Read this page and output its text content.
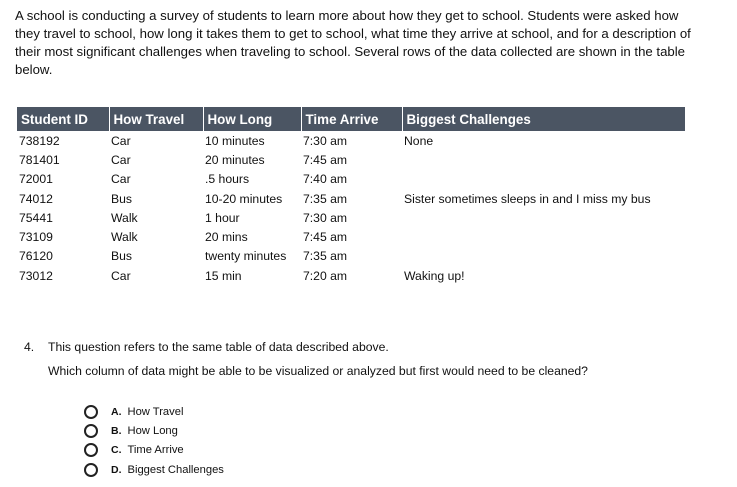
A school is conducting a survey of students to learn more about how they get to school. Students were asked how they travel to school, how long it takes them to get to school, what time they arrive at school, and for a description of their most significant challenges when traveling to school. Several rows of the data collected are shown in the table below.
Student ID	How Travel	How Long	Time Arrive	Biggest Challenges
738192	Car	10 minutes	7:30 am	None
781401	Car	20 minutes	7:45 am	
72001	Car	.5 hours	7:40 am	
74012	Bus	10-20 minutes	7:35 am	Sister sometimes sleeps in and I miss my bus
75441	Walk	1 hour	7:30 am	
73109	Walk	20 mins	7:45 am	
76120	Bus	twenty minutes	7:35 am	
73012	Car	15 min	7:20 am	Waking up!
4. This question refers to the same table of data described above.
Which column of data might be able to be visualized or analyzed but first would need to be cleaned?
A. How Travel
B. How Long
C. Time Arrive
D. Biggest Challenges
